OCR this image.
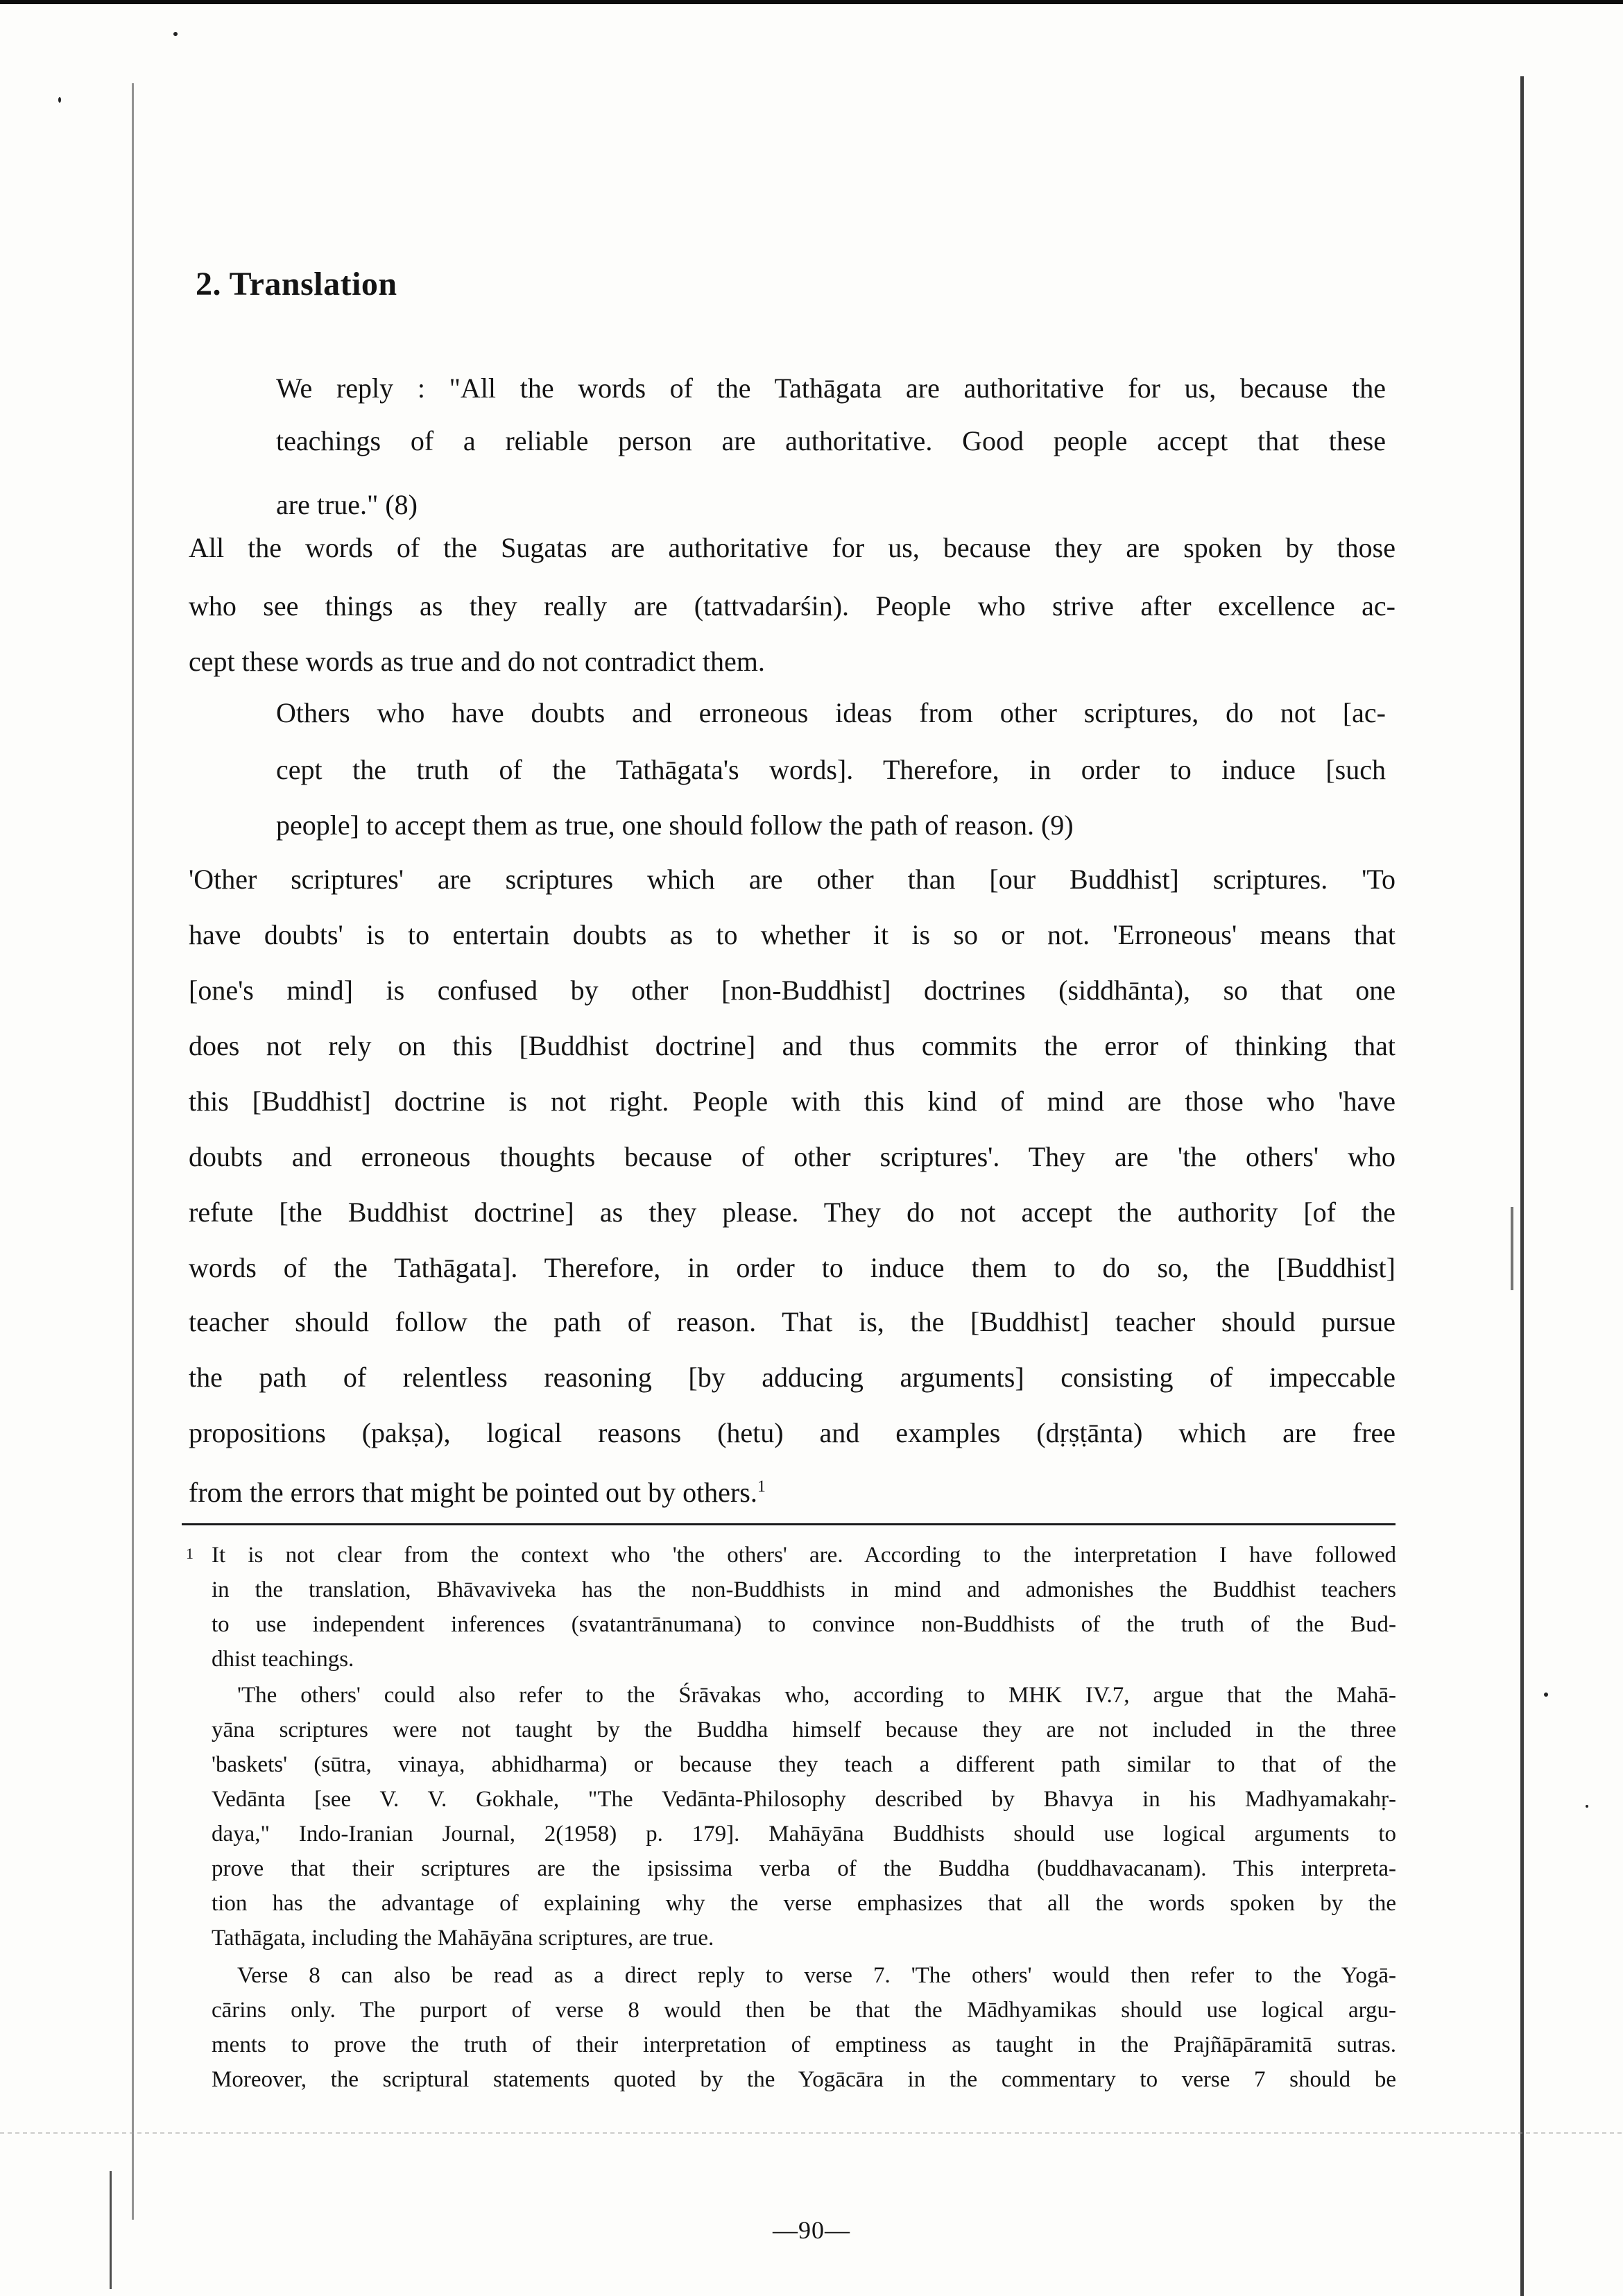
2. Translation

We reply : "All the words of the Tathāgata are authoritative for us, because the

teachings of a reliable person are authoritative. Good people accept that these

are true." (8)

All the words of the Sugatas are authoritative for us, because they are spoken by those

who see things as they really are (tattvadarśin). People who strive after excellence ac-

cept these words as true and do not contradict them.

Others who have doubts and erroneous ideas from other scriptures, do not [ac-

cept the truth of the Tathāgata's words]. Therefore, in order to induce [such

people] to accept them as true, one should follow the path of reason. (9)

'Other scriptures' are scriptures which are other than [our Buddhist] scriptures. 'To

have doubts' is to entertain doubts as to whether it is so or not. 'Erroneous' means that

[one's mind] is confused by other [non-Buddhist] doctrines (siddhānta), so that one

does not rely on this [Buddhist doctrine] and thus commits the error of thinking that

this [Buddhist] doctrine is not right. People with this kind of mind are those who 'have

doubts and erroneous thoughts because of other scriptures'. They are 'the others' who

refute [the Buddhist doctrine] as they please. They do not accept the authority [of the

words of the Tathāgata]. Therefore, in order to induce them to do so, the [Buddhist]

teacher should follow the path of reason. That is, the [Buddhist] teacher should pursue

the path of relentless reasoning [by adducing arguments] consisting of impeccable

propositions (pakṣa), logical reasons (hetu) and examples (dṛṣṭānta) which are free

from the errors that might be pointed out by others.$^1$

1 It is not clear from the context who 'the others' are. According to the interpretation I have followed

in the translation, Bhāvaviveka has the non-Buddhists in mind and admonishes the Buddhist teachers

to use independent inferences (svatantrānumana) to convince non-Buddhists of the truth of the Bud-

dhist teachings.

'The others' could also refer to the Śrāvakas who, according to MHK IV.7, argue that the Mahā-

yāna scriptures were not taught by the Buddha himself because they are not included in the three

'baskets' (sūtra, vinaya, abhidharma) or because they teach a different path similar to that of the

Vedānta [see V. V. Gokhale, "The Vedānta-Philosophy described by Bhavya in his Madhyamakahṛ-

daya," Indo-Iranian Journal, 2(1958) p. 179]. Mahāyāna Buddhists should use logical arguments to

prove that their scriptures are the ipsissima verba of the Buddha (buddhavacanam). This interpreta-

tion has the advantage of explaining why the verse emphasizes that all the words spoken by the

Tathāgata, including the Mahāyāna scriptures, are true.

Verse 8 can also be read as a direct reply to verse 7. 'The others' would then refer to the Yogā-

cārins only. The purport of verse 8 would then be that the Mādhyamikas should use logical argu-

ments to prove the truth of their interpretation of emptiness as taught in the Prajñāpāramitā sutras.

Moreover, the scriptural statements quoted by the Yogācāra in the commentary to verse 7 should be

—90—
